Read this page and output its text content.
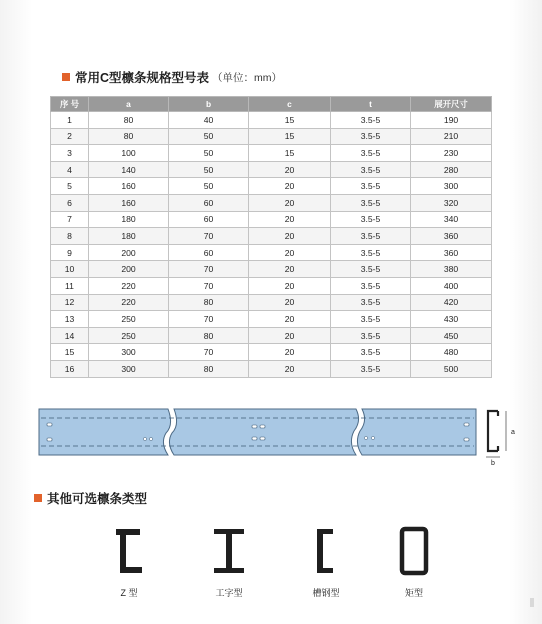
常用C型檩条规格型号表 （单位：mm）
序 号	a	b	c	t	展开尺寸
1	80	40	15	3.5-5	190
2	80	50	15	3.5-5	210
3	100	50	15	3.5-5	230
4	140	50	20	3.5-5	280
5	160	50	20	3.5-5	300
6	160	60	20	3.5-5	320
7	180	60	20	3.5-5	340
8	180	70	20	3.5-5	360
9	200	60	20	3.5-5	360
10	200	70	20	3.5-5	380
11	220	70	20	3.5-5	400
12	220	80	20	3.5-5	420
13	250	70	20	3.5-5	430
14	250	80	20	3.5-5	450
15	300	70	20	3.5-5	480
16	300	80	20	3.5-5	500
a
b
其他可选檩条类型
Z 型	工字型	槽钢型	矩型
